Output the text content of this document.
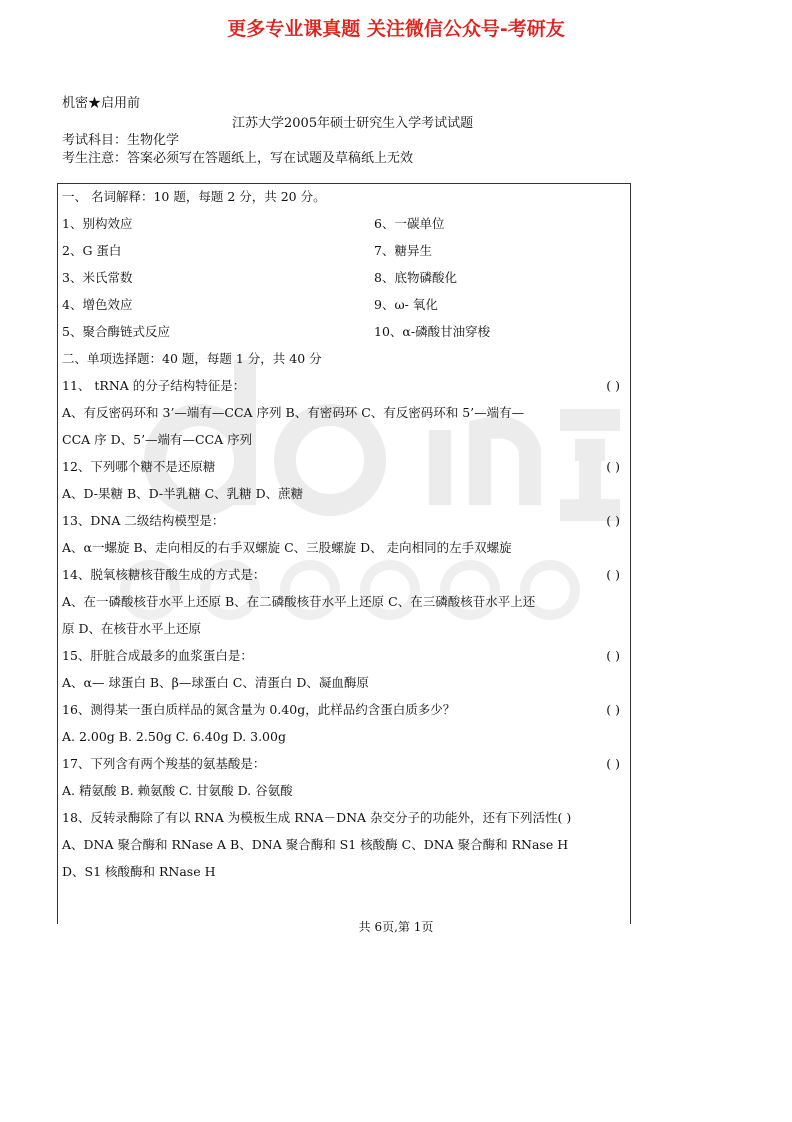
更多专业课真题 关注微信公众号-考研友
机密★启用前
江苏大学2005年硕士研究生入学考试试题
考试科目：生物化学
考生注意：答案必须写在答题纸上，写在试题及草稿纸上无效
一、 名词解释：10 题，每题 2 分，共 20 分。
1、别构效应	6、一碳单位
2、G 蛋白	7、糖异生
3、米氏常数	8、底物磷酸化
4、增色效应	9、ω- 氧化
5、聚合酶链式反应	10、α-磷酸甘油穿梭
二、单项选择题：40 题，每题 1 分，共 40 分
11、 tRNA 的分子结构特征是：	( )
A、有反密码环和 3’—端有—CCA 序列 B、有密码环 C、有反密码环和 5’—端有—
CCA 序 D、5’—端有—CCA 序列
12、下列哪个糖不是还原糖	( )
A、D-果糖 B、D-半乳糖 C、乳糖 D、蔗糖
13、DNA 二级结构模型是：	( )
A、α一螺旋 B、走向相反的右手双螺旋 C、三股螺旋 D、 走向相同的左手双螺旋
14、脱氧核糖核苷酸生成的方式是：	( )
A、在一磷酸核苷水平上还原 B、在二磷酸核苷水平上还原 C、在三磷酸核苷水平上还
原 D、在核苷水平上还原
15、肝脏合成最多的血浆蛋白是：	( )
A、α— 球蛋白 B、β—球蛋白 C、清蛋白 D、凝血酶原
16、测得某一蛋白质样品的氮含量为 0.40g，此样品约含蛋白质多少？	( )
A. 2.00g B. 2.50g C. 6.40g D. 3.00g
17、下列含有两个羧基的氨基酸是：	( )
A. 精氨酸 B. 赖氨酸 C. 甘氨酸 D. 谷氨酸
18、反转录酶除了有以 RNA 为模板生成 RNA－DNA 杂交分子的功能外，还有下列活性( )
A、DNA 聚合酶和 RNase A B、DNA 聚合酶和 S1 核酸酶 C、DNA 聚合酶和 RNase H
D、S1 核酸酶和 RNase H
共 6页,第 1页
